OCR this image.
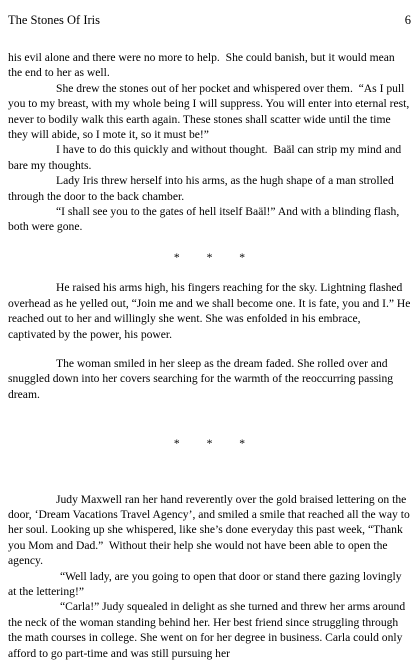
The Stones Of Iris	6

his evil alone and there were no more to help.  She could banish, but it would mean the end to her as well.

She drew the stones out of her pocket and whispered over them.  “As I pull you to my breast, with my whole being I will suppress. You will enter into eternal rest, never to bodily walk this earth again. These stones shall scatter wide until the time they will abide, so I mote it, so it must be!”

I have to do this quickly and without thought.  Baäl can strip my mind and bare my thoughts.

Lady Iris threw herself into his arms, as the hugh shape of a man strolled through the door to the back chamber.

“I shall see you to the gates of hell itself Baäl!” And with a blinding flash, both were gone.

* * *

He raised his arms high, his fingers reaching for the sky. Lightning flashed overhead as he yelled out, “Join me and we shall become one. It is fate, you and I.” He reached out to her and willingly she went. She was enfolded in his embrace, captivated by the power, his power.

The woman smiled in her sleep as the dream faded. She rolled over and snuggled down into her covers searching for the warmth of the reoccurring passing dream.

* * *

Judy Maxwell ran her hand reverently over the gold braised lettering on the door, ‘Dream Vacations Travel Agency’, and smiled a smile that reached all the way to her soul. Looking up she whispered, like she’s done everyday this past week, “Thank you Mom and Dad.”  Without their help she would not have been able to open the agency.

“Well lady, are you going to open that door or stand there gazing lovingly at the lettering!”

“Carla!” Judy squealed in delight as she turned and threw her arms around the neck of the woman standing behind her. Her best friend since struggling through the math courses in college. She went on for her degree in business. Carla could only afford to go part-time and was still pursuing her
